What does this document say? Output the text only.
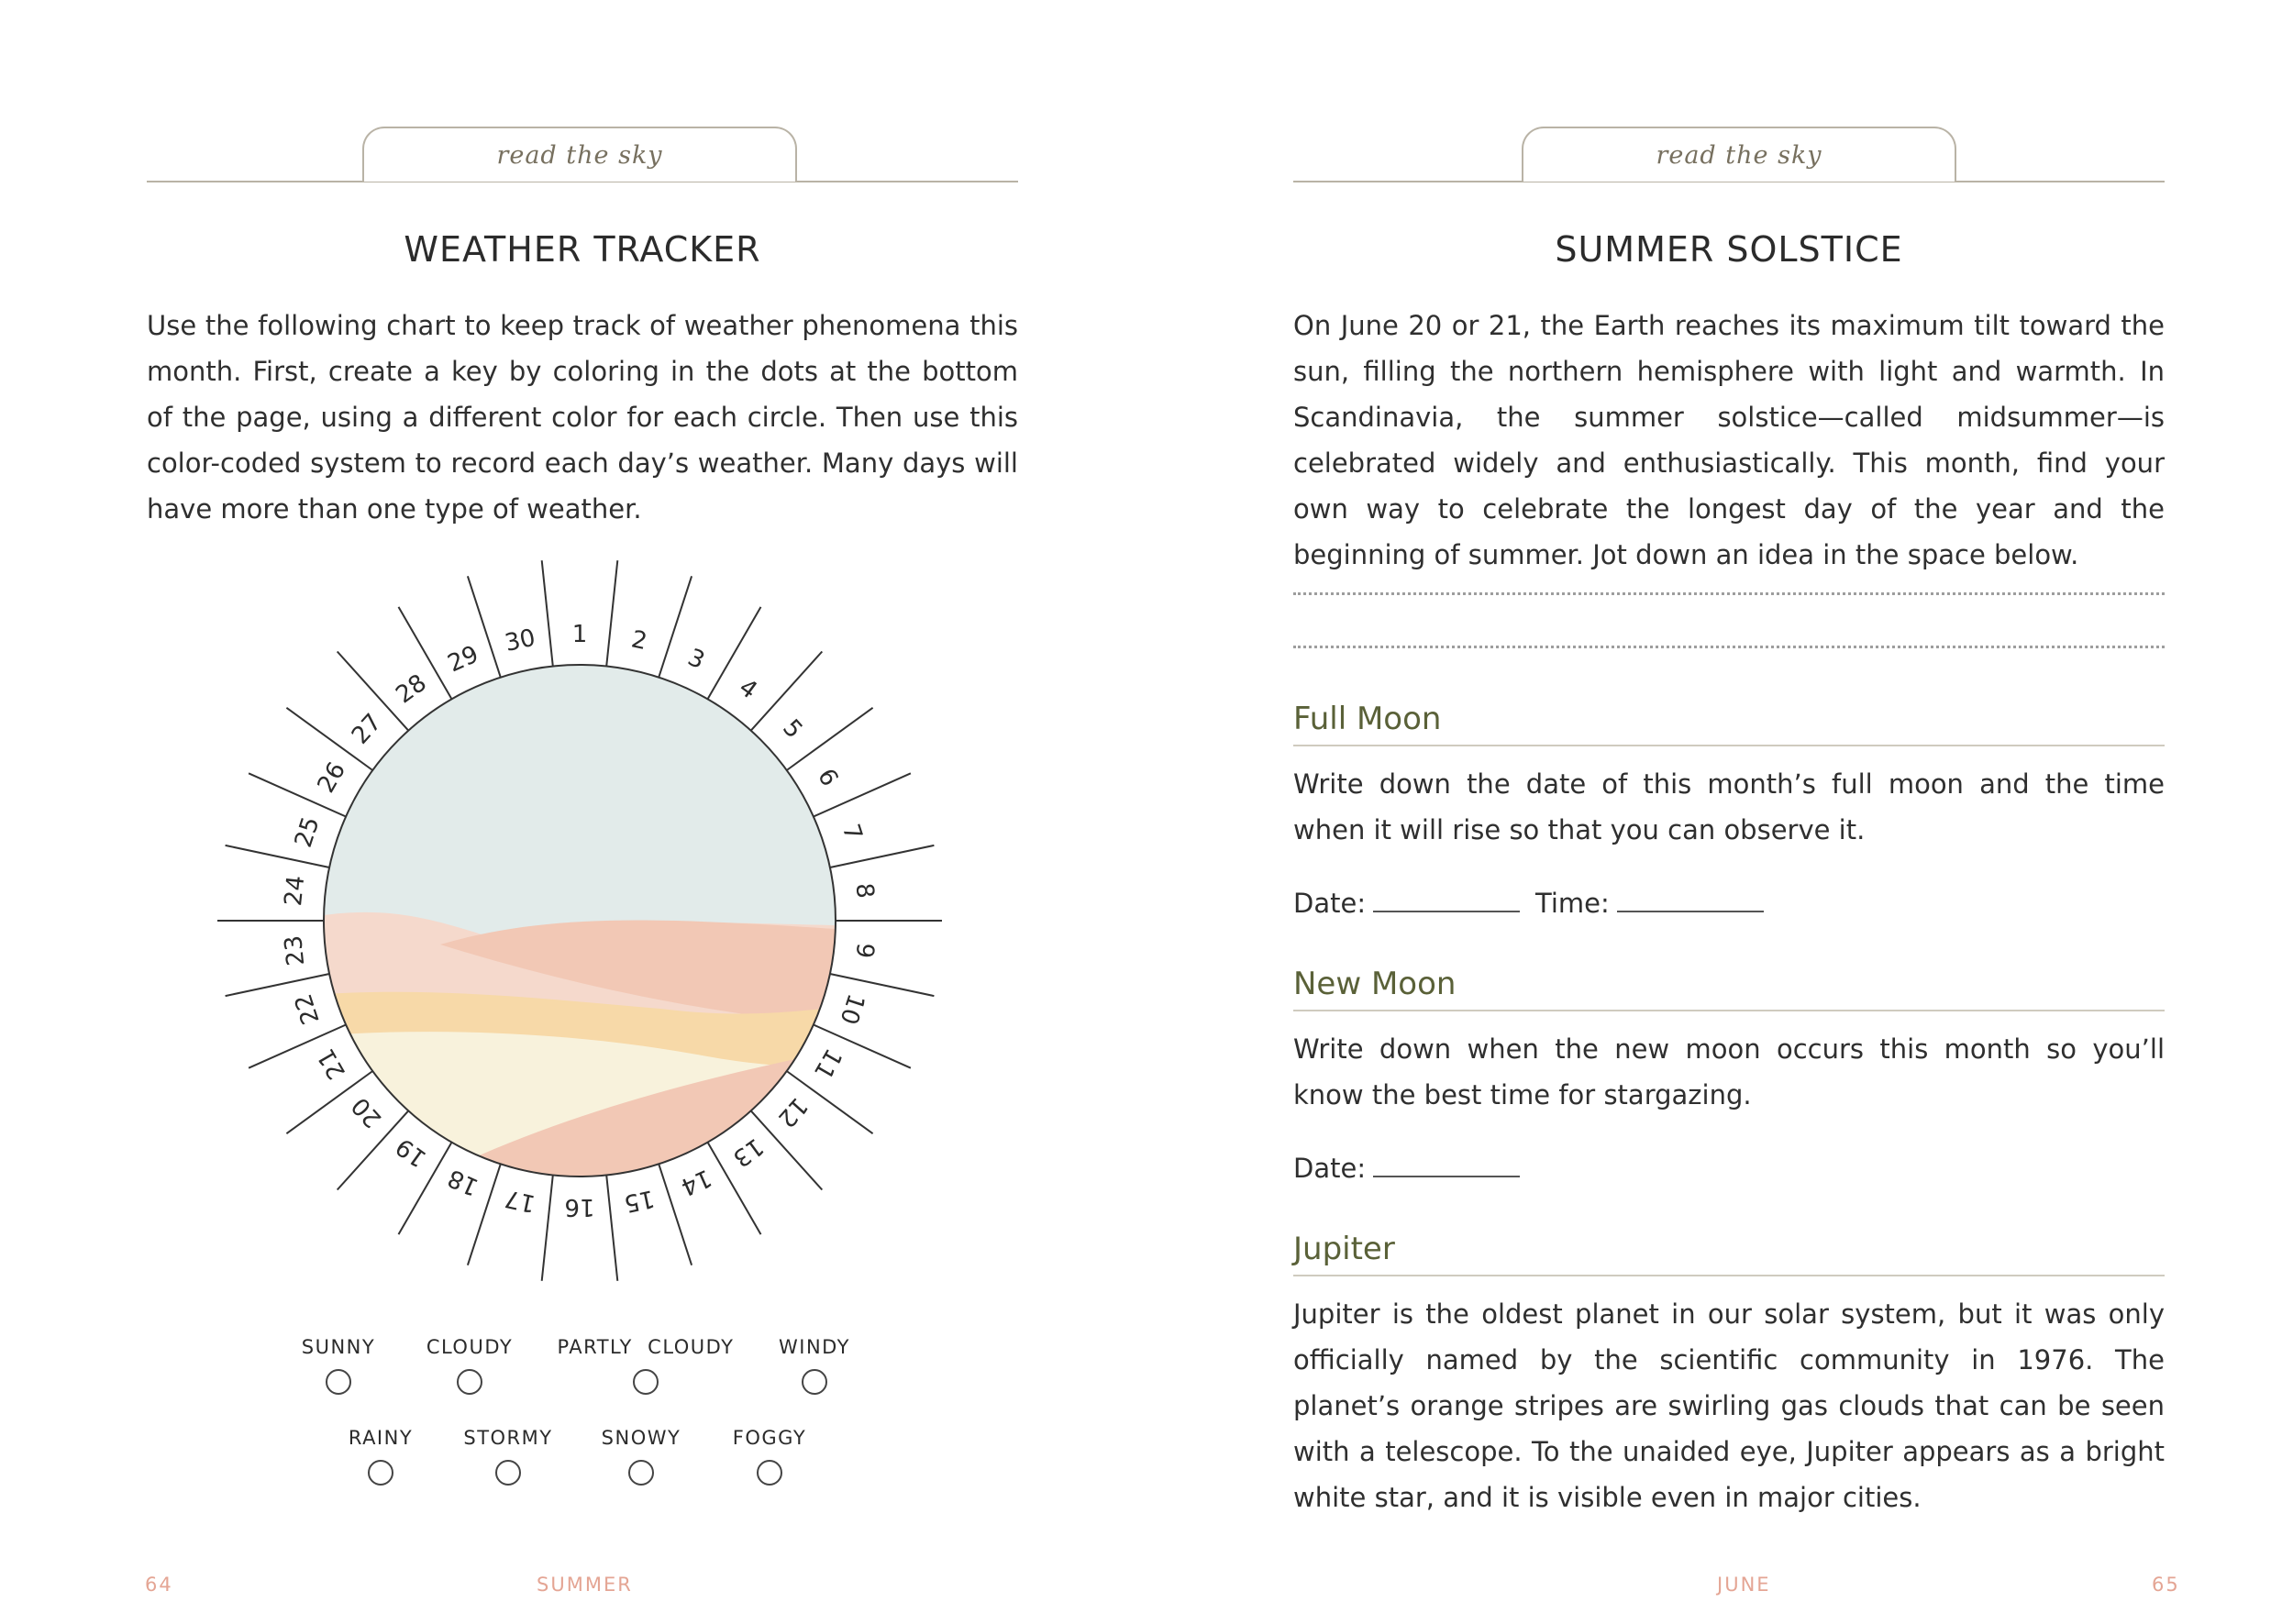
read the sky
WEATHER TRACKER

Use the following chart to keep track of weather phenomena this month. First, create a key by coloring in the dots at the bottom of the page, using a different color for each circle. Then use this color-coded system to record each day’s weather. Many days will have more than one type of weather.

1 2
3
4
5
6
7
8
9
10
11
12
13
14
15
16
17
18
19
20
21
22
23
24
25
26
27
28
29 30
SUNNY	CLOUDY	PARTLY  CLOUDY	WINDY
RAINY	STORMY	SNOWY	FOGGY
64	SUMMER
read the sky
SUMMER SOLSTICE

On June 20 or 21, the Earth reaches its maximum tilt toward the sun, filling the northern hemisphere with light and warmth. In Scandinavia, the summer solstice—called midsummer—is celebrated widely and enthusiastically. This month, find your own way to celebrate the longest day of the year and the beginning of summer. Jot down an idea in the space below.

Full Moon

Write down the date of this month’s full moon and the time when it will rise so that you can observe it.

Date:	Time:
New Moon

Write down when the new moon occurs this month so you’ll know the best time for stargazing.

Date:
Jupiter

Jupiter is the oldest planet in our solar system, but it was only officially named by the scientific community in 1976. The planet’s orange stripes are swirling gas clouds that can be seen with a telescope. To the unaided eye, Jupiter appears as a bright white star, and it is visible even in major cities.

JUNE	65
